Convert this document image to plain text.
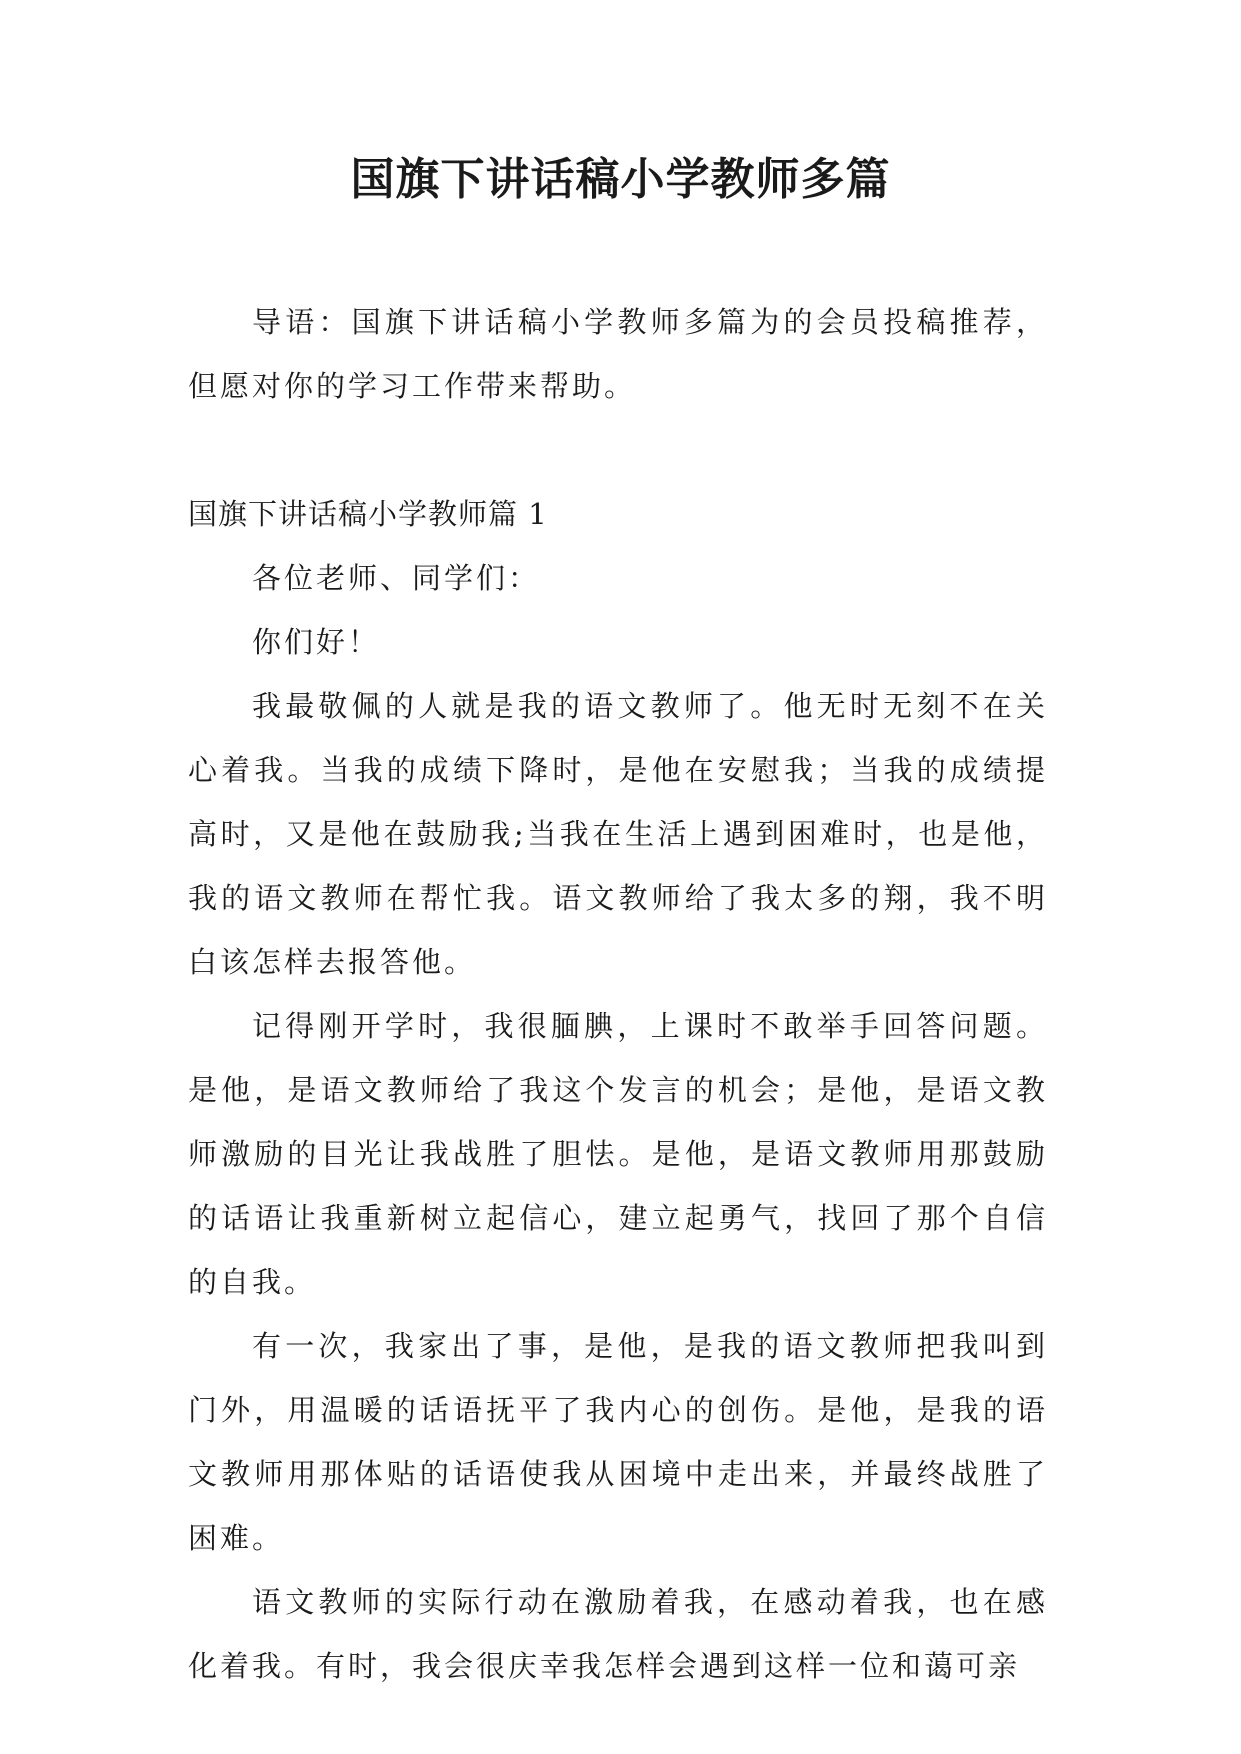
国旗下讲话稿小学教师多篇

导语：国旗下讲话稿小学教师多篇为的会员投稿推荐，但愿对你的学习工作带来帮助。

国旗下讲话稿小学教师篇 1

各位老师、同学们：

你们好！

我最敬佩的人就是我的语文教师了。他无时无刻不在关心着我。当我的成绩下降时，是他在安慰我；当我的成绩提高时，又是他在鼓励我;当我在生活上遇到困难时，也是他，我的语文教师在帮忙我。语文教师给了我太多的翔，我不明白该怎样去报答他。

记得刚开学时，我很腼腆，上课时不敢举手回答问题。是他，是语文教师给了我这个发言的机会；是他，是语文教师激励的目光让我战胜了胆怯。是他，是语文教师用那鼓励的话语让我重新树立起信心，建立起勇气，找回了那个自信的自我。

有一次，我家出了事，是他，是我的语文教师把我叫到门外，用温暖的话语抚平了我内心的创伤。是他，是我的语文教师用那体贴的话语使我从困境中走出来，并最终战胜了困难。

语文教师的实际行动在激励着我，在感动着我，也在感化着我。有时，我会很庆幸我怎样会遇到这样一位和蔼可亲
